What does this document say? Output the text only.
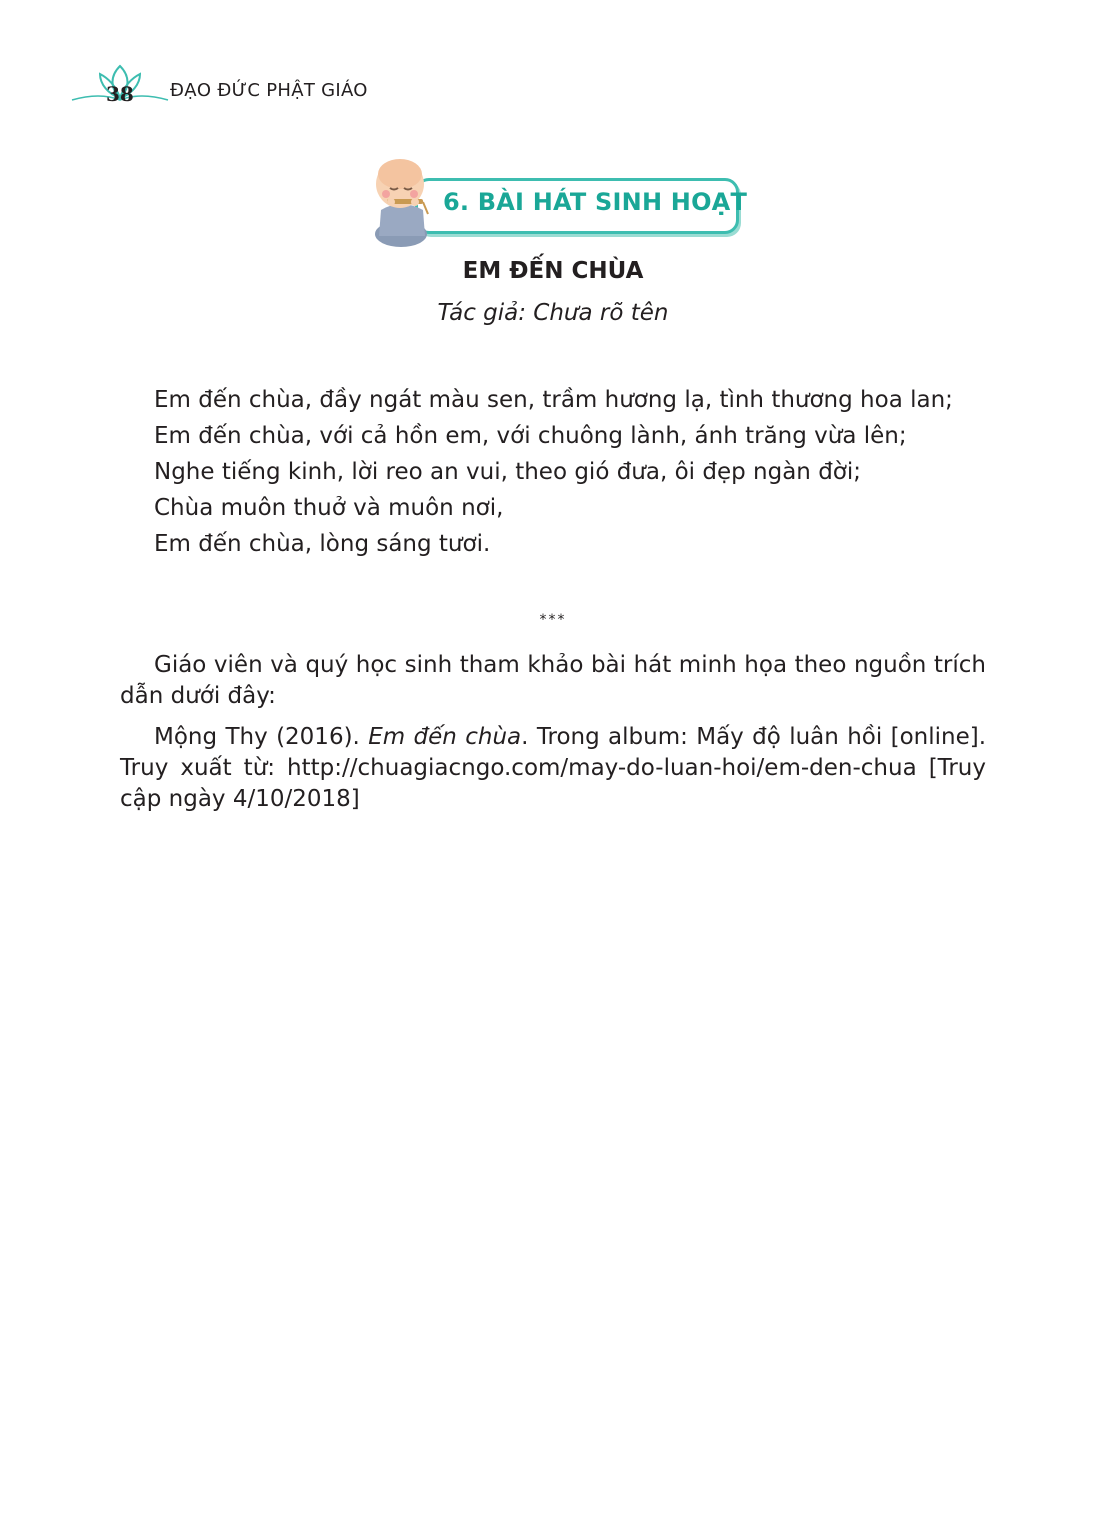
38 ĐẠO ĐỨC PHẬT GIÁO
6. BÀI HÁT SINH HOẠT
EM ĐẾN CHÙA
Tác giả: Chưa rõ tên
Em đến chùa, đầy ngát màu sen, trầm hương lạ, tình thương hoa lan;
Em đến chùa, với cả hồn em, với chuông lành, ánh trăng vừa lên;
Nghe tiếng kinh, lời reo an vui, theo gió đưa, ôi đẹp ngàn đời;
Chùa muôn thuở và muôn nơi,
Em đến chùa, lòng sáng tươi.
***
Giáo viên và quý học sinh tham khảo bài hát minh họa theo nguồn trích dẫn dưới đây:
Mộng Thy (2016). Em đến chùa. Trong album: Mấy độ luân hồi [online]. Truy xuất từ: http://chuagiacngo.com/may-do-luan-hoi/em-den-chua [Truy cập ngày 4/10/2018]
